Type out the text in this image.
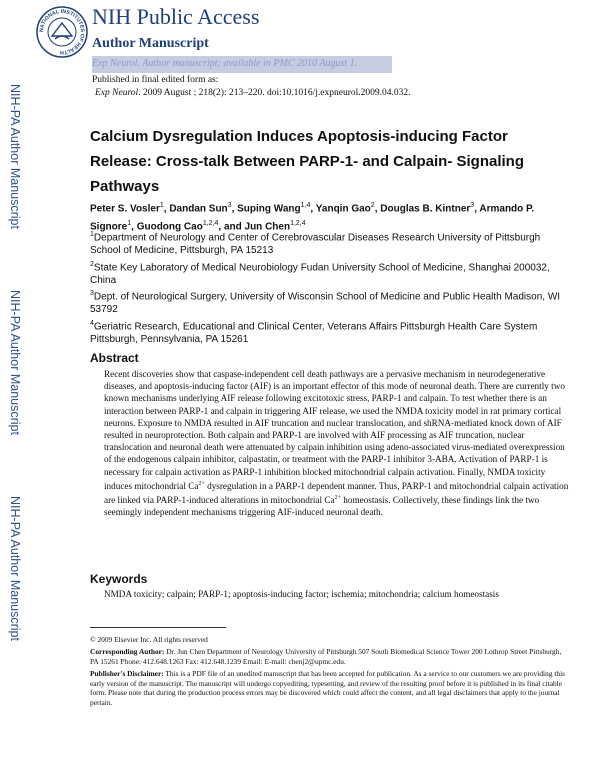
NATIONAL INSTITUTES OF HEALTH
NIH Public Access
Author Manuscript
Exp Neurol. Author manuscript; available in PMC 2010 August 1.
Published in final edited form as:
Exp Neurol. 2009 August ; 218(2): 213–220. doi:10.1016/j.expneurol.2009.04.032.
NIH-PA Author Manuscript
NIH-PA Author Manuscript
NIH-PA Author Manuscript
Calcium Dysregulation Induces Apoptosis-inducing Factor Release: Cross-talk Between PARP-1- and Calpain- Signaling Pathways
Peter S. Vosler$^1$, Dandan Sun$^3$, Suping Wang$^{1,4}$, Yanqin Gao$^2$, Douglas B. Kintner$^3$, Armando P. Signore$^1$, Guodong Cao$^{1,2,4}$, and Jun Chen$^{1,2,4}$
$^1$Department of Neurology and Center of Cerebrovascular Diseases Research University of Pittsburgh School of Medicine, Pittsburgh, PA 15213
$^2$State Key Laboratory of Medical Neurobiology Fudan University School of Medicine, Shanghai 200032, China
$^3$Dept. of Neurological Surgery, University of Wisconsin School of Medicine and Public Health Madison, WI 53792
$^4$Geriatric Research, Educational and Clinical Center, Veterans Affairs Pittsburgh Health Care System Pittsburgh, Pennsylvania, PA 15261
Abstract

Recent discoveries show that caspase-independent cell death pathways are a pervasive mechanism in neurodegenerative diseases, and apoptosis-inducing factor (AIF) is an important effector of this mode of neuronal death. There are currently two known mechanisms underlying AIF release following excitotoxic stress, PARP-1 and calpain. To test whether there is an interaction between PARP-1 and calpain in triggering AIF release, we used the NMDA toxicity model in rat primary cortical neurons. Exposure to NMDA resulted in AIF truncation and nuclear translocation, and shRNA-mediated knock down of AIF resulted in neuroprotection. Both calpain and PARP-1 are involved with AIF processing as AIF truncation, nuclear translocation and neuronal death were attenuated by calpain inhibition using adeno-associated virus-mediated overexpression of the endogenous calpain inhibitor, calpastatin, or treatment with the PARP-1 inhibitor 3-ABA. Activation of PARP-1 is necessary for calpain activation as PARP-1 inhibition blocked mitochondrial calpain activation. Finally, NMDA toxicity induces mitochondrial $Ca^{2+}$ dysregulation in a PARP-1 dependent manner. Thus, PARP-1 and mitochondrial calpain activation are linked via PARP-1-induced alterations in mitochondrial $Ca^{2+}$ homeostasis. Collectively, these findings link the two seemingly independent mechanisms triggering AIF-induced neuronal death.

Keywords

NMDA toxicity; calpain; PARP-1; apoptosis-inducing factor; ischemia; mitochondria; calcium homeostasis

© 2009 Elsevier Inc. All rights reserved

Corresponding Author: Dr. Jun Chen Department of Neurology University of Pittsburgh 507 South Biomedical Science Tower 200 Lothrop Street Pittsburgh, PA 15261 Phone: 412.648.1263 Fax: 412.648.1239 Email: E-mail: chenj2@upmc.edu.

Publisher's Disclaimer: This is a PDF file of an unedited manuscript that has been accepted for publication. As a service to our customers we are providing this early version of the manuscript. The manuscript will undergo copyediting, typesetting, and review of the resulting proof before it is published in its final citable form. Please note that during the production process errors may be discovered which could affect the content, and all legal disclaimers that apply to the journal pertain.
